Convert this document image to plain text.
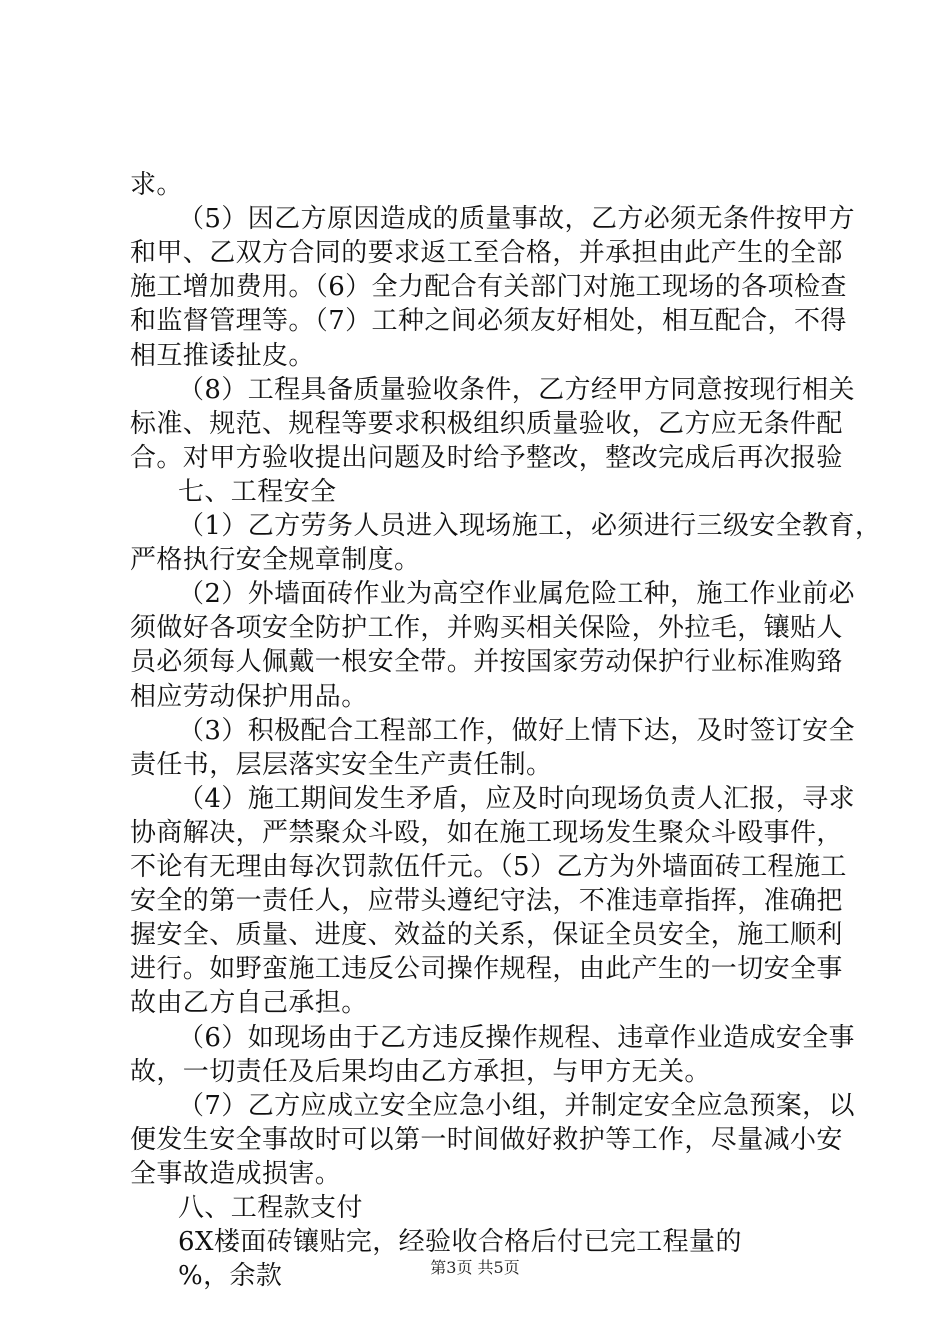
求。
（5）因乙方原因造成的质量事故，乙方必须无条件按甲方
和甲、乙双方合同的要求返工至合格，并承担由此产生的全部
施工增加费用。（6）全力配合有关部门对施工现场的各项检查
和监督管理等。（7）工种之间必须友好相处，相互配合，不得
相互推诿扯皮。
（8）工程具备质量验收条件，乙方经甲方同意按现行相关
标准、规范、规程等要求积极组织质量验收，乙方应无条件配
合。对甲方验收提出问题及时给予整改，整改完成后再次报验
七、工程安全
（1）乙方劳务人员进入现场施工，必须进行三级安全教育，
严格执行安全规章制度。
（2）外墙面砖作业为高空作业属危险工种，施工作业前必
须做好各项安全防护工作，并购买相关保险，外拉毛，镶贴人
员必须每人佩戴一根安全带。并按国家劳动保护行业标准购臵
相应劳动保护用品。
（3）积极配合工程部工作，做好上情下达，及时签订安全
责任书，层层落实安全生产责任制。
（4）施工期间发生矛盾，应及时向现场负责人汇报，寻求
协商解决，严禁聚众斗殴，如在施工现场发生聚众斗殴事件，
不论有无理由每次罚款伍仟元。（5）乙方为外墙面砖工程施工
安全的第一责任人，应带头遵纪守法，不准违章指挥，准确把
握安全、质量、进度、效益的关系，保证全员安全，施工顺利
进行。如野蛮施工违反公司操作规程，由此产生的一切安全事
故由乙方自己承担。
（6）如现场由于乙方违反操作规程、违章作业造成安全事
故，一切责任及后果均由乙方承担，与甲方无关。
（7）乙方应成立安全应急小组，并制定安全应急预案，以
便发生安全事故时可以第一时间做好救护等工作，尽量减小安
全事故造成损害。
八、工程款支付
6X楼面砖镶贴完，经验收合格后付已完工程量的
第3页 共5页
%，余款
